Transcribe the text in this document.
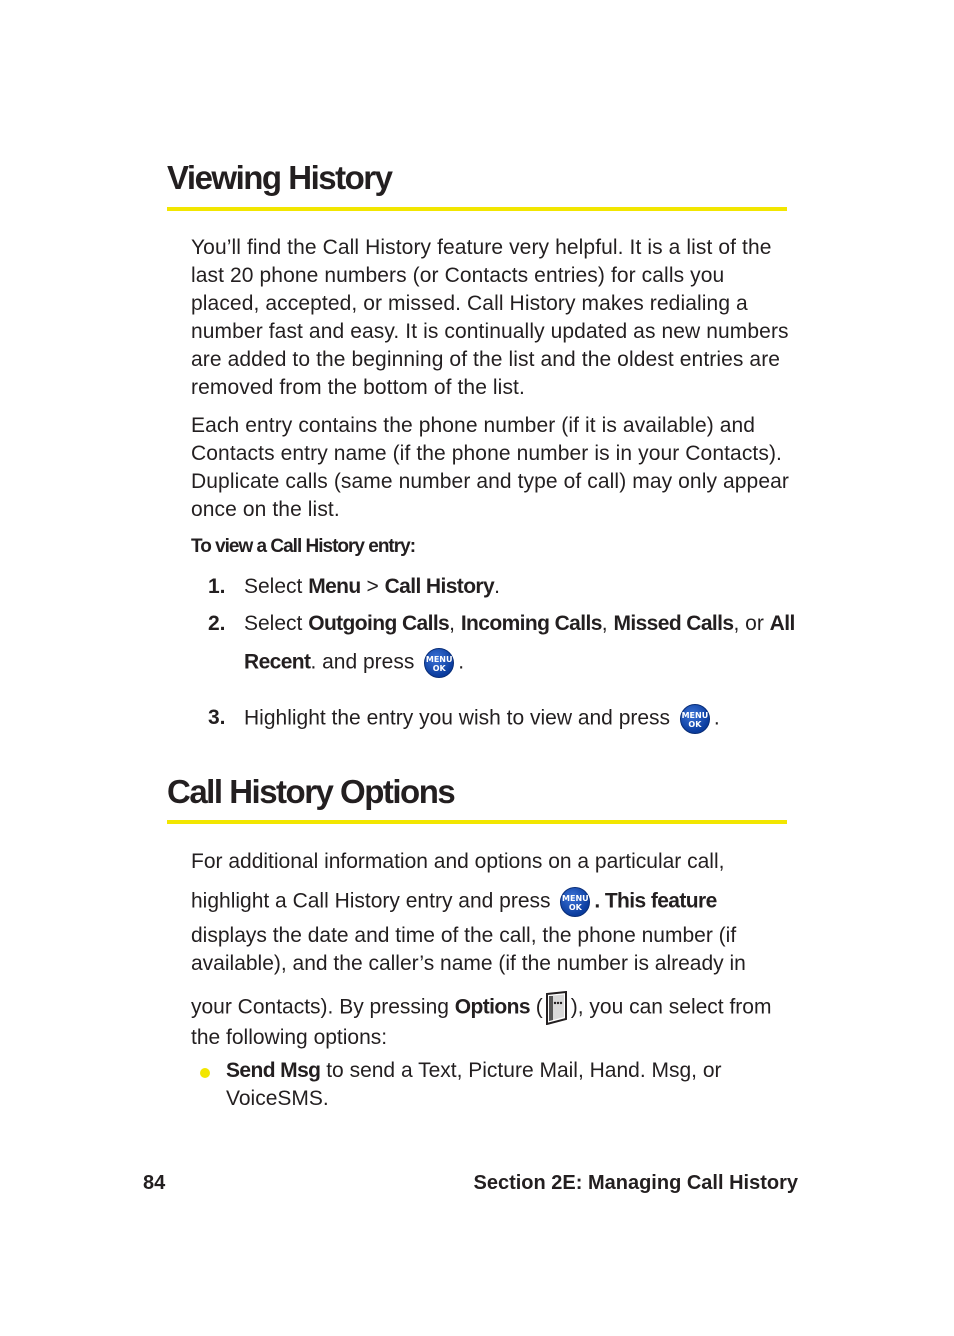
Viewing History

You’ll find the Call History feature very helpful. It is a list of the last 20 phone numbers (or Contacts entries) for calls you placed, accepted, or missed. Call History makes redialing a number fast and easy. It is continually updated as new numbers are added to the beginning of the list and the oldest entries are removed from the bottom of the list.

Each entry contains the phone number (if it is available) and Contacts entry name (if the phone number is in your Contacts). Duplicate calls (same number and type of call) may only appear once on the list.

To view a Call History entry:

1. Select Menu > Call History.
2. Select Outgoing Calls, Incoming Calls, Missed Calls, or All
Recent. and press MENU
OK .
3. Highlight the entry you wish to view and press MENU
OK .
Call History Options
For additional information and options on a particular call,
highlight a Call History entry and press MENU
OK . This feature
displays the date and time of the call, the phone number (if
available), and the caller’s name (if the number is already in
your Contacts). By pressing Options ( ), you can select from
the following options:
Send Msg to send a Text, Picture Mail, Hand. Msg, or
VoiceSMS.
84	Section 2E: Managing Call History
